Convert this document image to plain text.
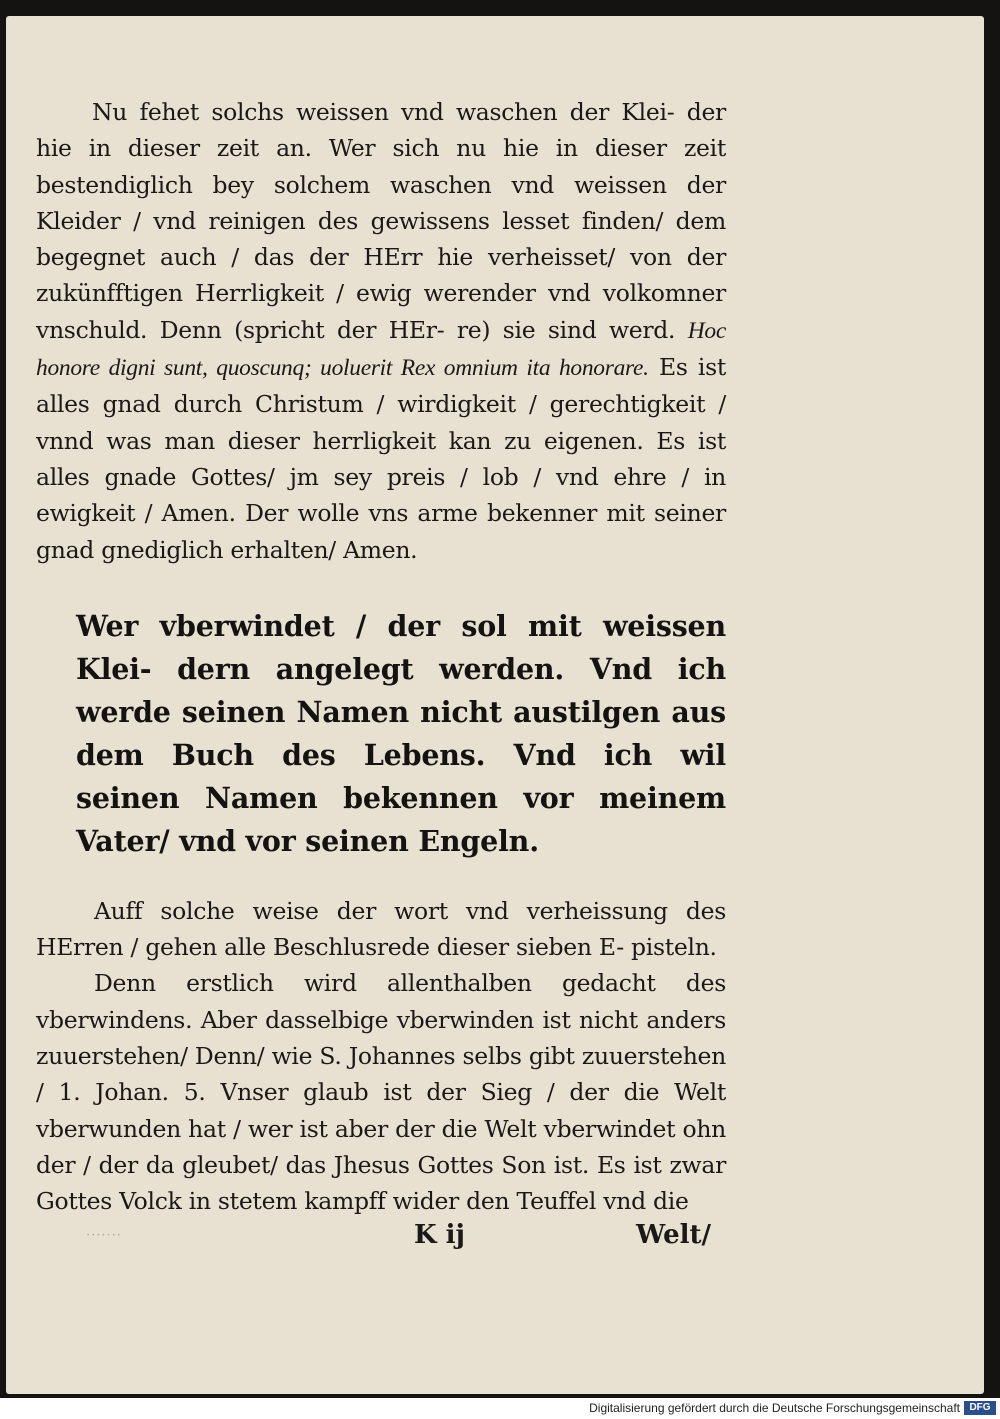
Nu fehet solchs weissen vnd waschen der Klei- der hie in dieser zeit an. Wer sich nu hie in dieser zeit bestendiglich bey solchem waschen vnd weissen der Kleider / vnd reinigen des gewissens lesset finden/ dem begegnet auch / das der HErr hie verheisset/ von der zukünfftigen Herrligkeit / ewig werender vnd volkomner vnschuld. Denn (spricht der HEr- re) sie sind werd. Hoc honore digni sunt, quoscunq; uoluerit Rex omnium ita honorare. Es ist alles gnad durch Christum / wirdigkeit / gerechtigkeit / vnnd was man dieser herrligkeit kan zu eigenen. Es ist alles gnade Gottes/ jm sey preis / lob / vnd ehre / in ewigkeit / Amen. Der wolle vns arme bekenner mit seiner gnad gnediglich erhalten/ Amen.

Wer vberwindet / der sol mit weissen Klei- dern angelegt werden. Vnd ich werde seinen Namen nicht austilgen aus dem Buch des Lebens. Vnd ich wil seinen Namen bekennen vor meinem Vater/ vnd vor seinen Engeln.

Auff solche weise der wort vnd verheissung des HErren / gehen alle Beschlusrede dieser sieben E- pisteln.

Denn erstlich wird allenthalben gedacht des vberwindens. Aber dasselbige vberwinden ist nicht anders zuuerstehen/ Denn/ wie S. Johannes selbs gibt zuuerstehen / 1. Johan. 5. Vnser glaub ist der Sieg / der die Welt vberwunden hat / wer ist aber der die Welt vberwindet ohn der / der da gleubet/ das Jhesus Gottes Son ist. Es ist zwar Gottes Volck in stetem kampff wider den Teuffel vnd die

·······	K ij	Welt/
Digitalisierung gefördert durch die Deutsche Forschungsgemeinschaft DFG
